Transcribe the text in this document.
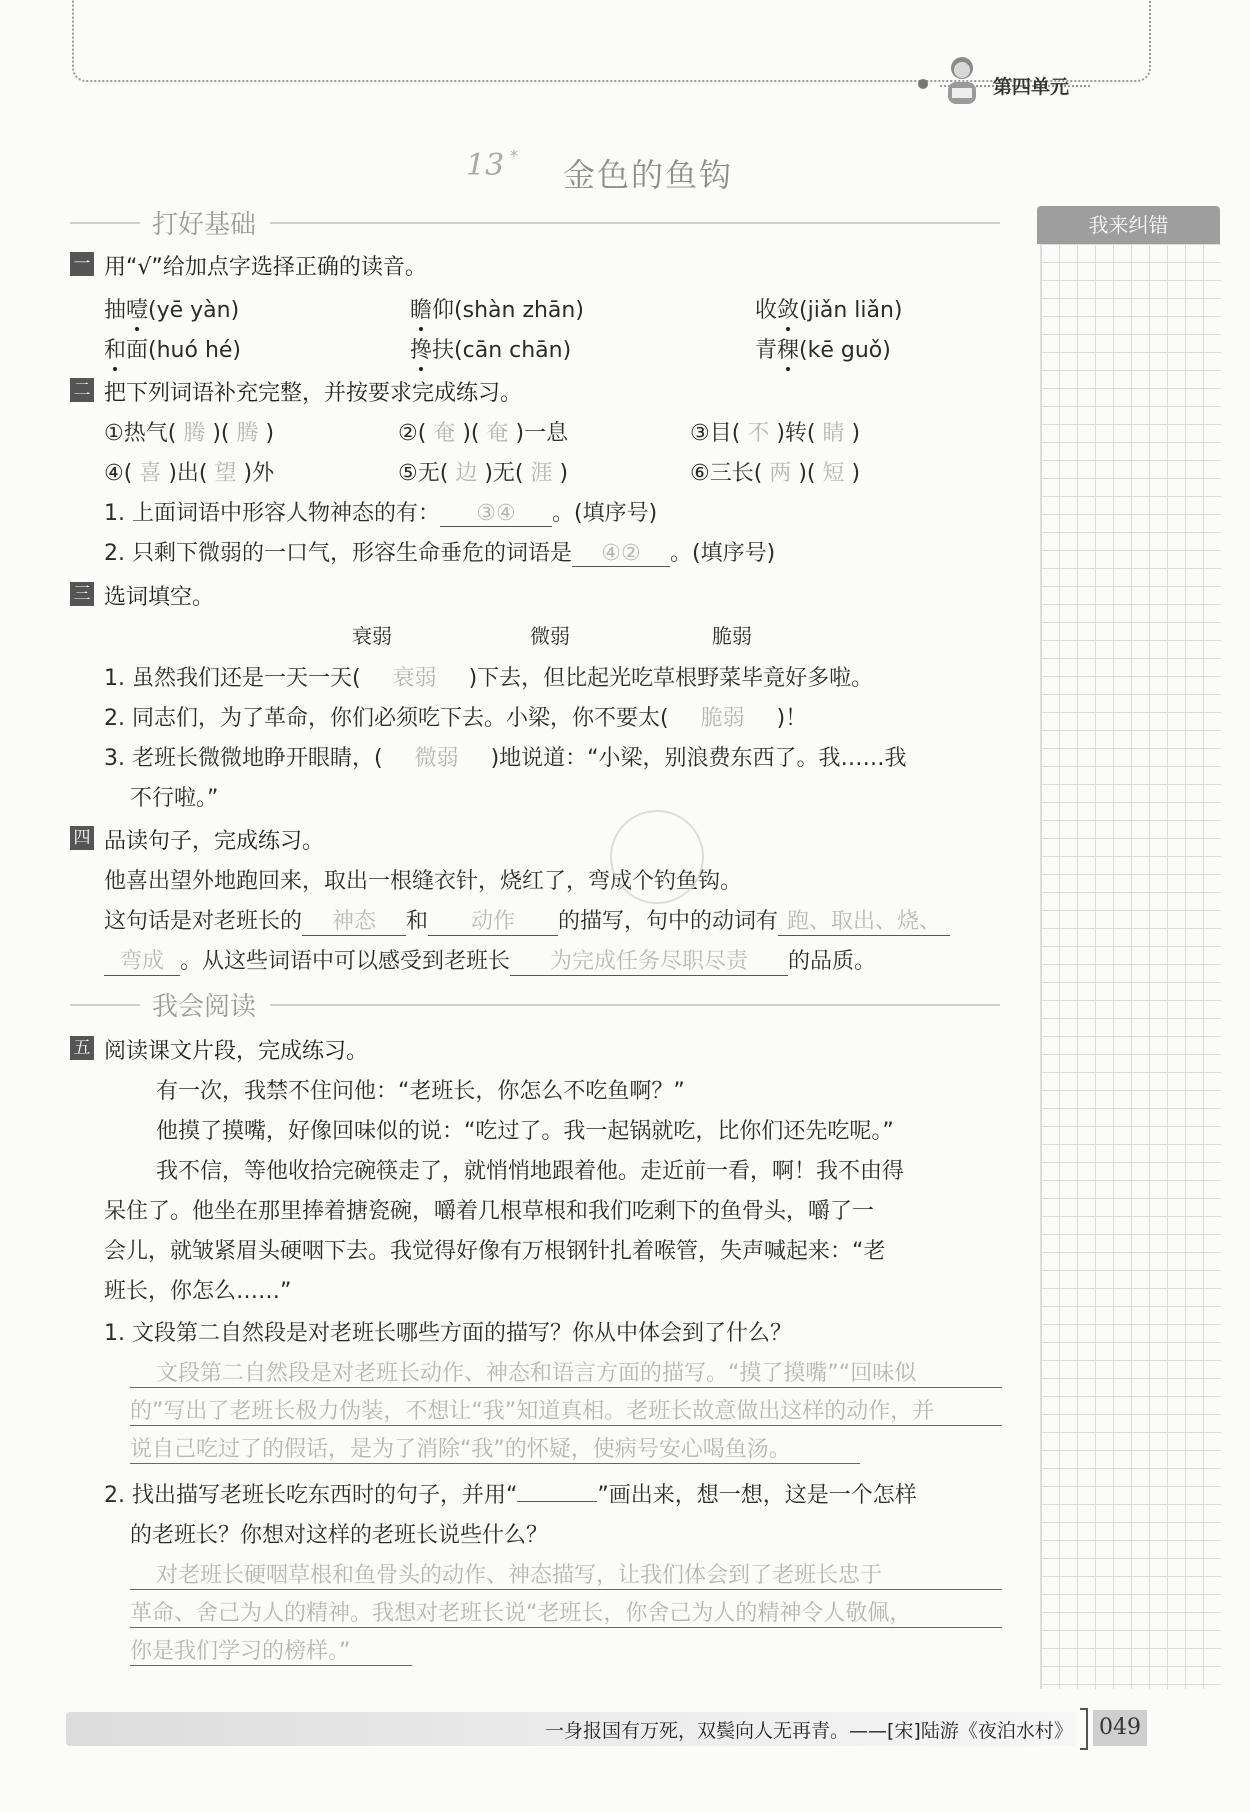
第四单元
13 *
金色的鱼钩
我来纠错
打好基础
一 用“√”给加点字选择正确的读音。
抽噎(yē yàn)	瞻仰(shàn zhān)	收敛(jiǎn liǎn)
和面(huó hé)	搀扶(cān chān)	青稞(kē guǒ)
二 把下列词语补充完整，并按要求完成练习。
①热气( 腾 )( 腾 )	②( 奄 )( 奄 )一息	③目( 不 )转( 睛 )
④( 喜 )出( 望 )外	⑤无( 边 )无( 涯 )	⑥三长( 两 )( 短 )
1. 上面词语中形容人物神态的有： ③④ 。(填序号)
2. 只剩下微弱的一口气，形容生命垂危的词语是 ④② 。(填序号)
三 选词填空。
衰弱	微弱	脆弱
1. 虽然我们还是一天一天( 衰弱 )下去，但比起光吃草根野菜毕竟好多啦。
2. 同志们，为了革命，你们必须吃下去。小梁，你不要太( 脆弱 )！
3. 老班长微微地睁开眼睛，( 微弱 )地说道：“小梁，别浪费东西了。我……我
不行啦。”
四 品读句子，完成练习。
他喜出望外地跑回来，取出一根缝衣针，烧红了，弯成个钓鱼钩。
这句话是对老班长的 神态 和 动作 的描写，句中的动词有 跑、取出、烧、
弯成 。从这些词语中可以感受到老班长 为完成任务尽职尽责 的品质。
我会阅读
五 阅读课文片段，完成练习。
有一次，我禁不住问他：“老班长，你怎么不吃鱼啊？”
他摸了摸嘴，好像回味似的说：“吃过了。我一起锅就吃，比你们还先吃呢。”
我不信，等他收拾完碗筷走了，就悄悄地跟着他。走近前一看，啊！我不由得
呆住了。他坐在那里捧着搪瓷碗，嚼着几根草根和我们吃剩下的鱼骨头，嚼了一
会儿，就皱紧眉头硬咽下去。我觉得好像有万根钢针扎着喉管，失声喊起来：“老
班长，你怎么……”
1. 文段第二自然段是对老班长哪些方面的描写？你从中体会到了什么？
文段第二自然段是对老班长动作、神态和语言方面的描写。“摸了摸嘴”“回味似
的”写出了老班长极力伪装，不想让“我”知道真相。老班长故意做出这样的动作，并
说自己吃过了的假话，是为了消除“我”的怀疑，使病号安心喝鱼汤。
2. 找出描写老班长吃东西时的句子，并用“	”画出来，想一想，这是一个怎样
的老班长？你想对这样的老班长说些什么？
对老班长硬咽草根和鱼骨头的动作、神态描写，让我们体会到了老班长忠于
革命、舍己为人的精神。我想对老班长说“老班长，你舍己为人的精神令人敬佩，
你是我们学习的榜样。”
一身报国有万死，双鬓向人无再青。——[宋]陆游《夜泊水村》 049
